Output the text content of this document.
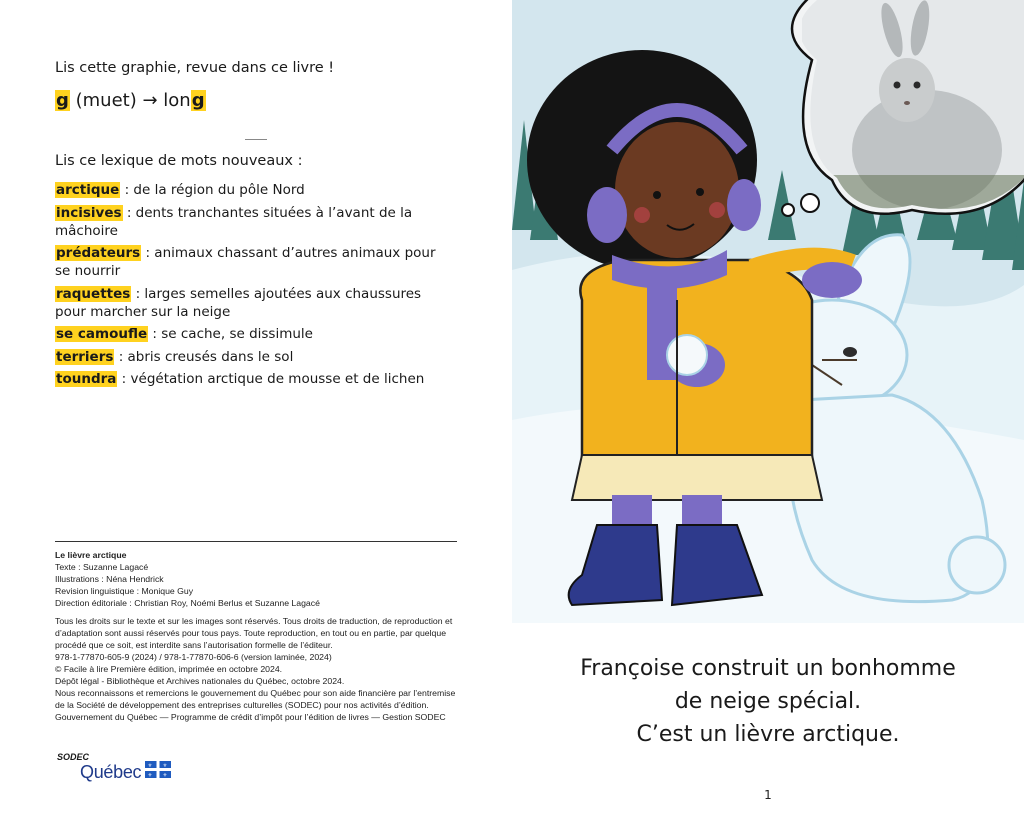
Lis cette graphie, revue dans ce livre !
g (muet) → long
Lis ce lexique de mots nouveaux :
arctique : de la région du pôle Nord
incisives : dents tranchantes situées à l’avant de la mâchoire
prédateurs : animaux chassant d’autres animaux pour se nourrir
raquettes : larges semelles ajoutées aux chaussures pour marcher sur la neige
se camoufle : se cache, se dissimule
terriers : abris creusés dans le sol
toundra : végétation arctique de mousse et de lichen
Le lièvre arctique
Texte : Suzanne Lagacé
Illustrations : Néna Hendrick
Revision linguistique : Monique Guy
Direction éditoriale : Christian Roy, Noémi Berlus et Suzanne Lagacé
Tous les droits sur le texte et sur les images sont réservés. Tous droits de traduction, de reproduction et d’adaptation sont aussi réservés pour tous pays. Toute reproduction, en tout ou en partie, par quelque procédé que ce soit, est interdite sans l’autorisation formelle de l’éditeur.
978-1-77870-605-9 (2024) / 978-1-77870-606-6 (version laminée, 2024)
© Facile à lire Première édition, imprimée en octobre 2024.
Dépôt légal - Bibliothèque et Archives nationales du Québec, octobre 2024.
Nous reconnaissons et remercions le gouvernement du Québec pour son aide financière par l’entremise de la Société de développement des entreprises culturelles (SODEC) pour nos activités d’édition. Gouvernement du Québec — Programme de crédit d’impôt pour l’édition de livres — Gestion SODEC
SODEC
Québec ⚜ ⚜
⚜ ⚜
Françoise construit un bonhomme
de neige spécial.
C’est un lièvre arctique.
1
